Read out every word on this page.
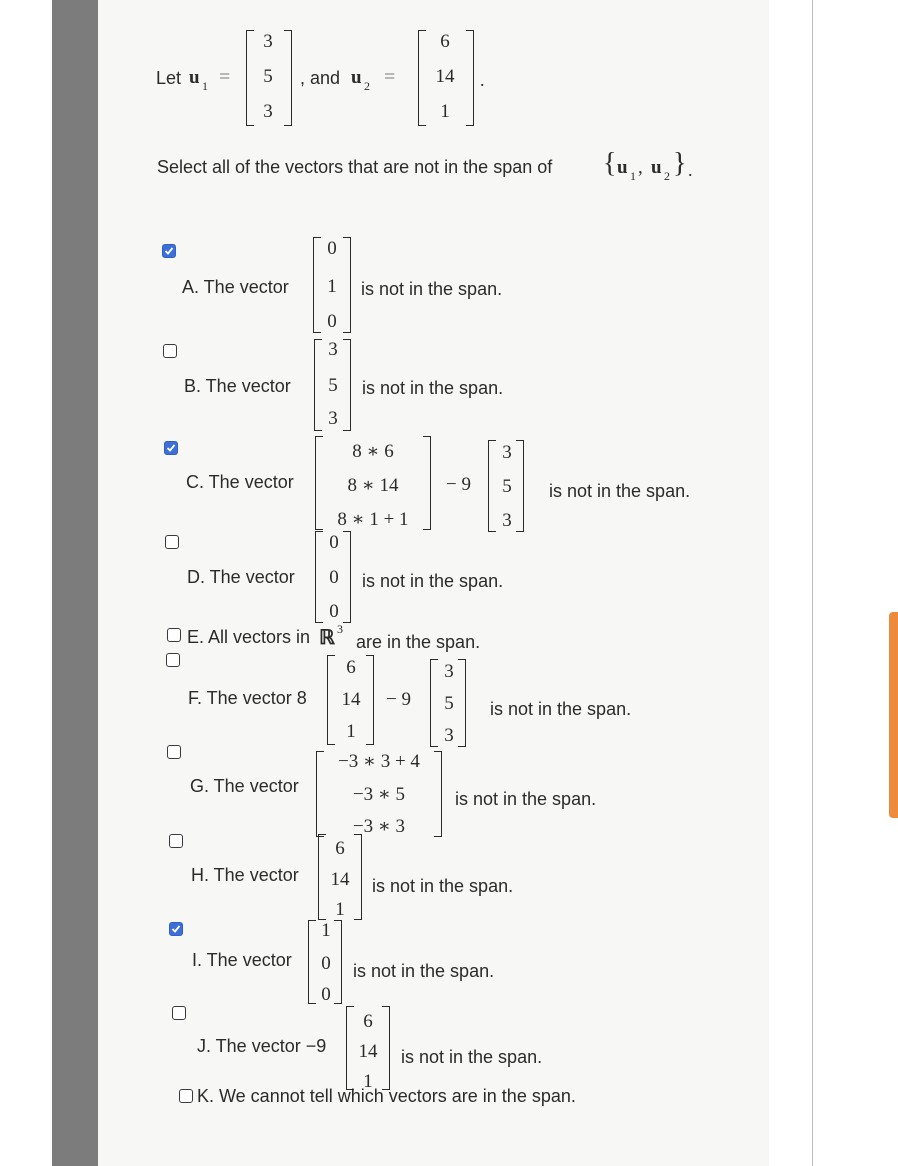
Let u 1 =
3
5
3
, and u 2 =
6
14
1
.
Select all of the vectors that are not in the span of { u 1 , u 2 } .
A. The vector
0
1
0
is not in the span.
B. The vector
3
5
3
is not in the span.
C. The vector
8 ∗ 6
8 ∗ 14
8 ∗ 1 + 1
− 9
3
5
3
is not in the span.
D. The vector
0
0
0
is not in the span.
E. All vectors in ℝ 3
are in the span.
F. The vector 8
6
14
1
− 9
3
5
3
is not in the span.
G. The vector
−3 ∗ 3 + 4
−3 ∗ 5
−3 ∗ 3
is not in the span.
H. The vector
6
14
1
is not in the span.
I. The vector
1
0
0
is not in the span.
J. The vector −9
6
14
1
is not in the span.
K. We cannot tell which vectors are in the span.
